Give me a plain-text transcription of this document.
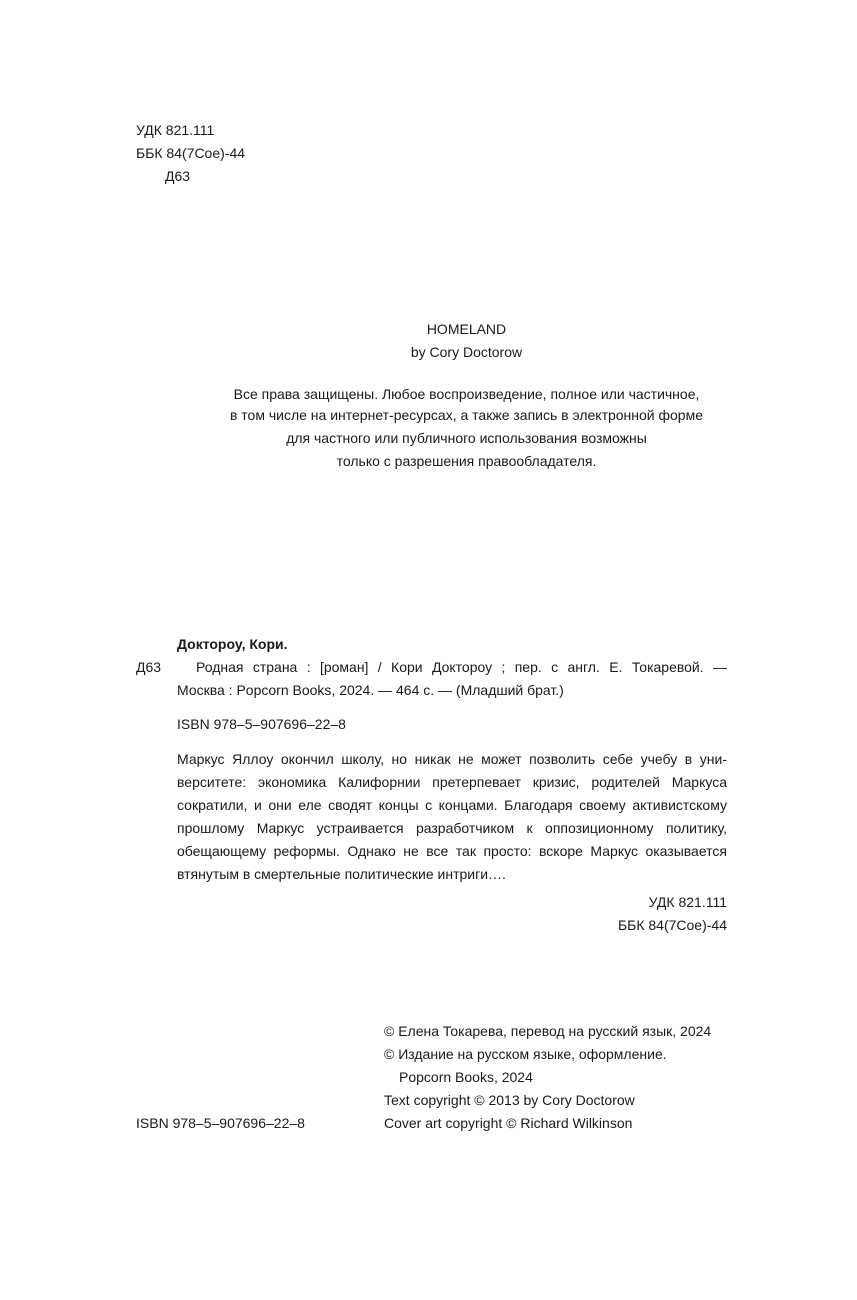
УДК 821.111
ББК 84(7Сое)-44
Д63
HOMELAND
by Cory Doctorow
Все права защищены. Любое воспроизведение, полное или частичное,
в том числе на интернет-ресурсах, а также запись в электронной форме
для частного или публичного использования возможны
только с разрешения правообладателя.
Доктороу, Кори.
Д63 Родная страна : [роман] / Кори Доктороу ; пер. с англ. Е. Токаревой. —
Москва : Popcorn Books, 2024. — 464 с. — (Младший брат.)
ISBN 978–5–907696–22–8
Маркус Яллоу окончил школу, но никак не может позволить себе учебу в уни-
верситете: экономика Калифорнии претерпевает кризис, родителей Маркуса
сократили, и они еле сводят концы с концами. Благодаря своему активистскому
прошлому Маркус устраивается разработчиком к оппозиционному политику,
обещающему реформы. Однако не все так просто: вскоре Маркус оказывается
втянутым в смертельные политические интриги….
УДК 821.111
ББК 84(7Сое)-44
© Елена Токарева, перевод на русский язык, 2024
© Издание на русском языке, оформление.
Popcorn Books, 2024
Text copyright © 2013 by Cory Doctorow
Cover art copyright © Richard Wilkinson
ISBN 978–5–907696–22–8
